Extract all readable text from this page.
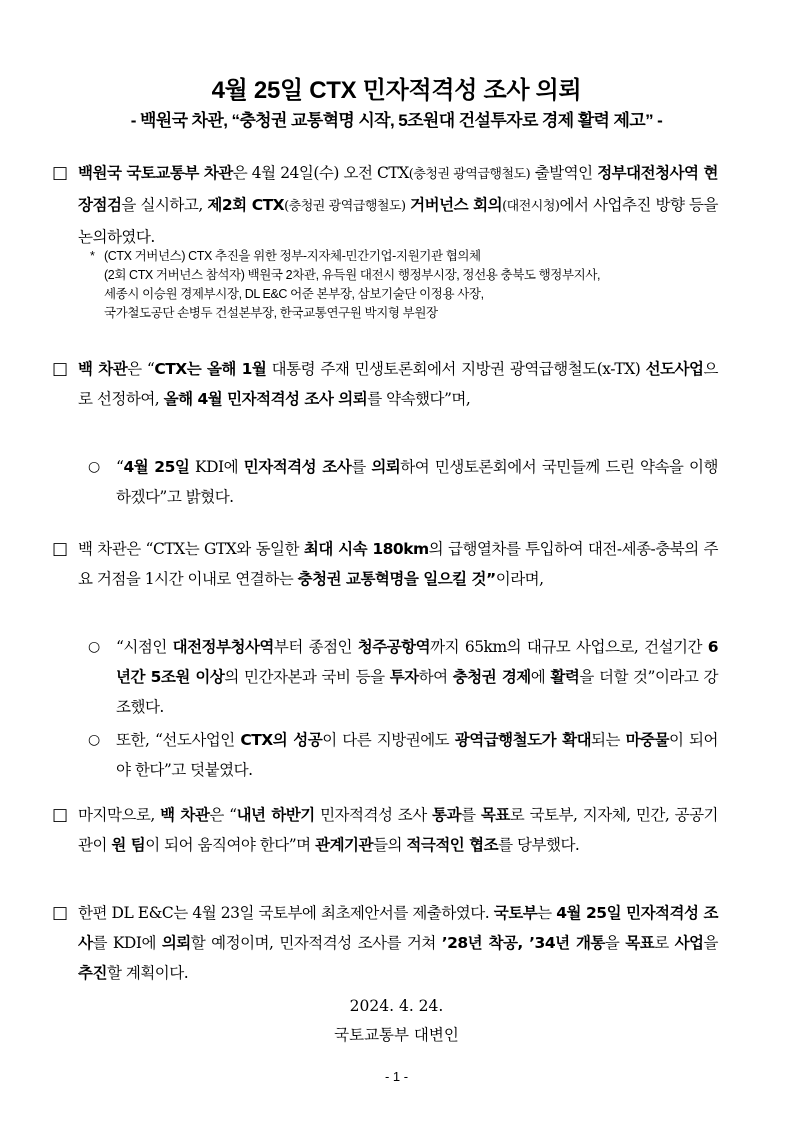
4월 25일 CTX 민자적격성 조사 의뢰
- 백원국 차관, “충청권 교통혁명 시작, 5조원대 건설투자로 경제 활력 제고” -
□ 백원국 국토교통부 차관은 4월 24일(수) 오전 CTX(충청권 광역급행철도) 출발역인 정부대전청사역 현장점검을 실시하고, 제2회 CTX(충청권 광역급행철도) 거버넌스 회의(대전시청)에서 사업추진 방향 등을 논의하였다.
* (CTX 거버넌스) CTX 추진을 위한 정부-지자체-민간기업-지원기관 협의체
(2회 CTX 거버넌스 참석자) 백원국 2차관, 유득원 대전시 행정부시장, 정선용 충북도 행정부지사,
세종시 이승원 경제부시장, DL E&C 어준 본부장, 삼보기술단 이정용 사장,
국가철도공단 손병두 건설본부장, 한국교통연구원 박지형 부원장
□ 백 차관은 “CTX는 올해 1월 대통령 주재 민생토론회에서 지방권 광역급행철도(x-TX) 선도사업으로 선정하여, 올해 4월 민자적격성 조사 의뢰를 약속했다”며,
○ “4월 25일 KDI에 민자적격성 조사를 의뢰하여 민생토론회에서 국민들께 드린 약속을 이행하겠다”고 밝혔다.
□ 백 차관은 “CTX는 GTX와 동일한 최대 시속 180km의 급행열차를 투입하여 대전-세종-충북의 주요 거점을 1시간 이내로 연결하는 충청권 교통혁명을 일으킬 것”이라며,
○ “시점인 대전정부청사역부터 종점인 청주공항역까지 65km의 대규모 사업으로, 건설기간 6년간 5조원 이상의 민간자본과 국비 등을 투자하여 충청권 경제에 활력을 더할 것”이라고 강조했다.
○ 또한, “선도사업인 CTX의 성공이 다른 지방권에도 광역급행철도가 확대되는 마중물이 되어야 한다”고 덧붙였다.
□ 마지막으로, 백 차관은 “내년 하반기 민자적격성 조사 통과를 목표로 국토부, 지자체, 민간, 공공기관이 원 팀이 되어 움직여야 한다”며 관계기관들의 적극적인 협조를 당부했다.
□ 한편 DL E&C는 4월 23일 국토부에 최초제안서를 제출하였다. 국토부는 4월 25일 민자적격성 조사를 KDI에 의뢰할 예정이며, 민자적격성 조사를 거쳐 ’28년 착공, ’34년 개통을 목표로 사업을 추진할 계획이다.
2024. 4. 24.
국토교통부 대변인
- 1 -
